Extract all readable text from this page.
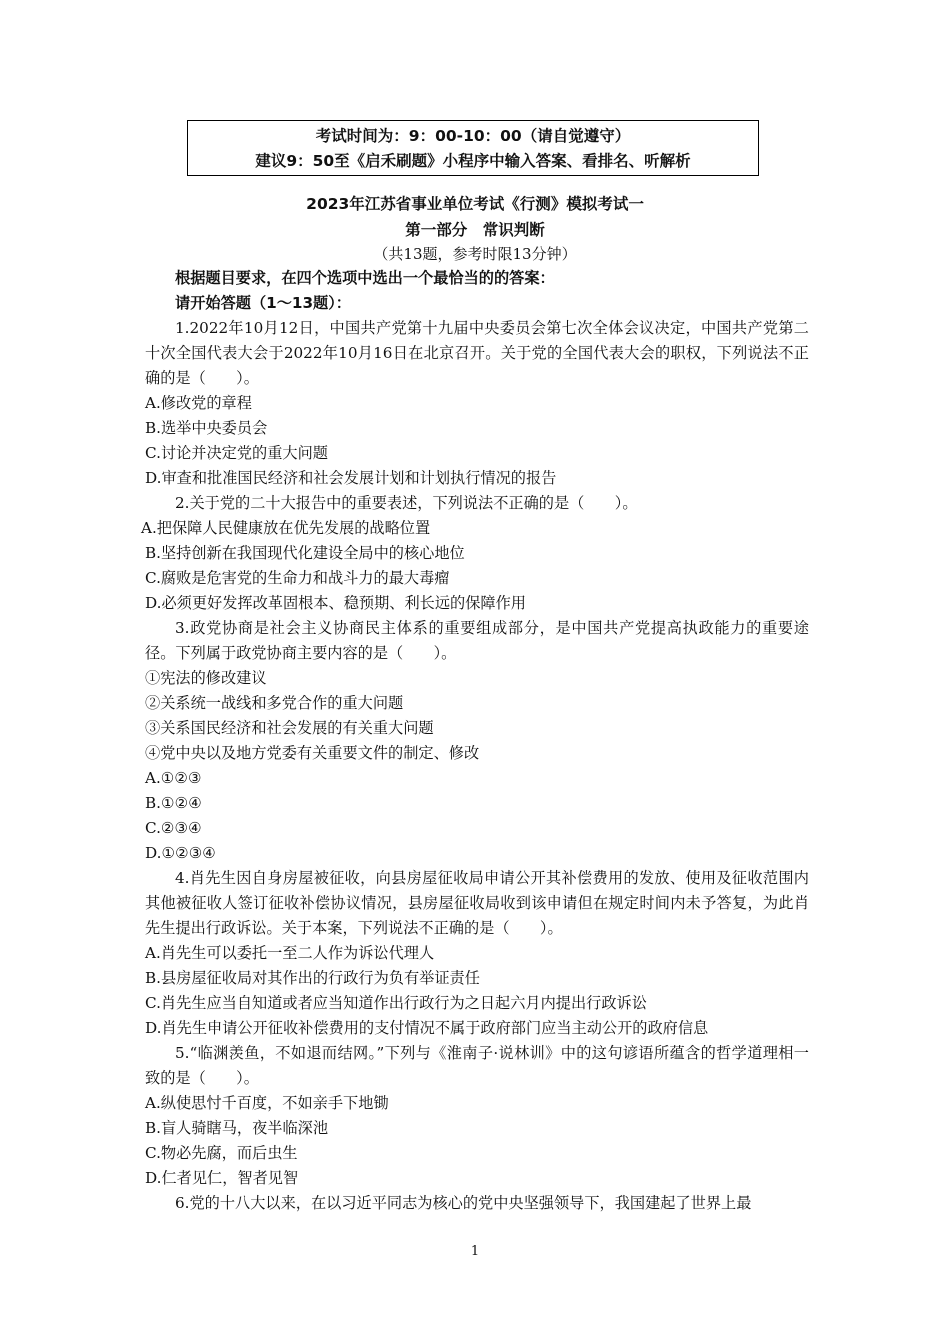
考试时间为：9：00-10：00（请自觉遵守）
建议9：50至《启禾刷题》小程序中输入答案、看排名、听解析
2023年江苏省事业单位考试《行测》模拟考试一
第一部分　常识判断
（共13题，参考时限13分钟）

根据题目要求，在四个选项中选出一个最恰当的的答案：

请开始答题（1～13题）：

1.2022年10月12日，中国共产党第十九届中央委员会第七次全体会议决定，中国共产党第二十次全国代表大会于2022年10月16日在北京召开。关于党的全国代表大会的职权，下列说法不正确的是（　　）。

A.修改党的章程

B.选举中央委员会

C.讨论并决定党的重大问题

D.审查和批准国民经济和社会发展计划和计划执行情况的报告

2.关于党的二十大报告中的重要表述，下列说法不正确的是（　　）。

A.把保障人民健康放在优先发展的战略位置

B.坚持创新在我国现代化建设全局中的核心地位

C.腐败是危害党的生命力和战斗力的最大毒瘤

D.必须更好发挥改革固根本、稳预期、利长远的保障作用

3.政党协商是社会主义协商民主体系的重要组成部分，是中国共产党提高执政能力的重要途径。下列属于政党协商主要内容的是（　　）。

①宪法的修改建议

②关系统一战线和多党合作的重大问题

③关系国民经济和社会发展的有关重大问题

④党中央以及地方党委有关重要文件的制定、修改

A.①②③

B.①②④

C.②③④

D.①②③④

4.肖先生因自身房屋被征收，向县房屋征收局申请公开其补偿费用的发放、使用及征收范围内其他被征收人签订征收补偿协议情况，县房屋征收局收到该申请但在规定时间内未予答复，为此肖先生提出行政诉讼。关于本案，下列说法不正确的是（　　）。

A.肖先生可以委托一至二人作为诉讼代理人

B.县房屋征收局对其作出的行政行为负有举证责任

C.肖先生应当自知道或者应当知道作出行政行为之日起六月内提出行政诉讼

D.肖先生申请公开征收补偿费用的支付情况不属于政府部门应当主动公开的政府信息

5.“临渊羡鱼，不如退而结网。”下列与《淮南子·说林训》中的这句谚语所蕴含的哲学道理相一致的是（　　）。

A.纵使思忖千百度，不如亲手下地锄

B.盲人骑瞎马，夜半临深池

C.物必先腐，而后虫生

D.仁者见仁，智者见智

6.党的十八大以来，在以习近平同志为核心的党中央坚强领导下，我国建起了世界上最

1
